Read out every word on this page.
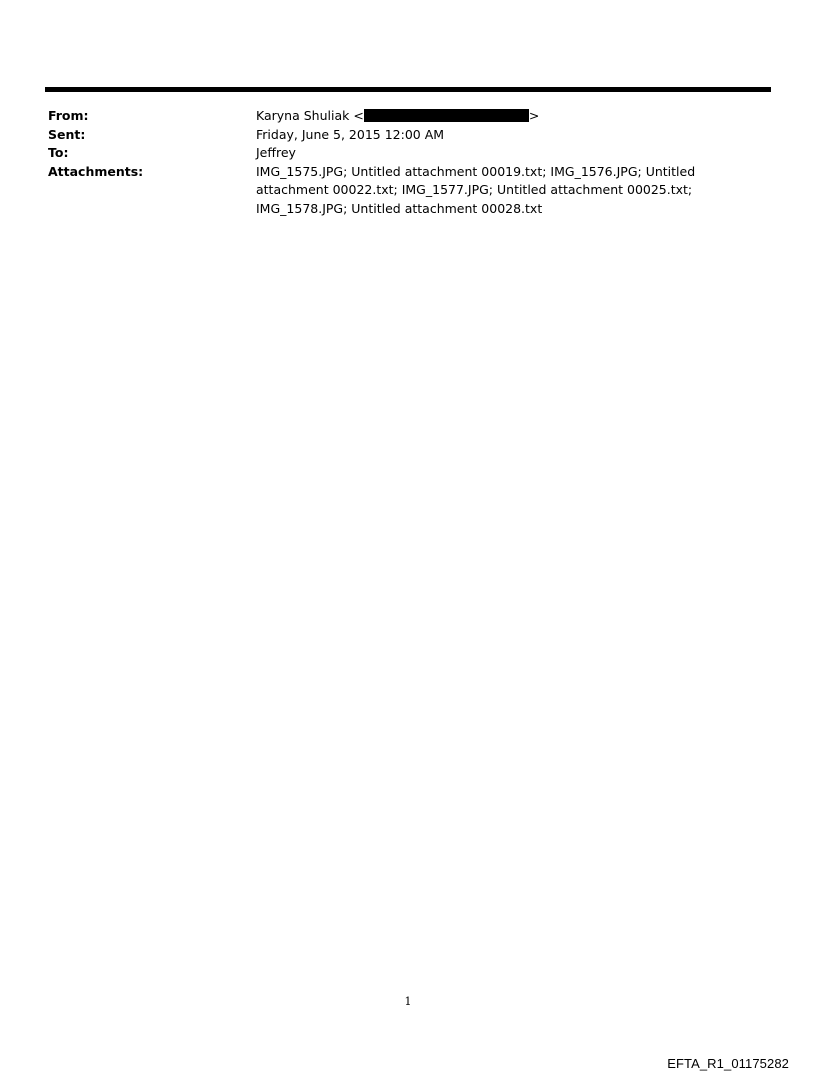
From:	Karyna Shuliak <	>
Sent:	Friday, June 5, 2015 12:00 AM
To:	Jeffrey
Attachments:	IMG_1575.JPG; Untitled attachment 00019.txt; IMG_1576.JPG; Untitled attachment 00022.txt; IMG_1577.JPG; Untitled attachment 00025.txt; IMG_1578.JPG; Untitled attachment 00028.txt
1
EFTA_R1_01175282
